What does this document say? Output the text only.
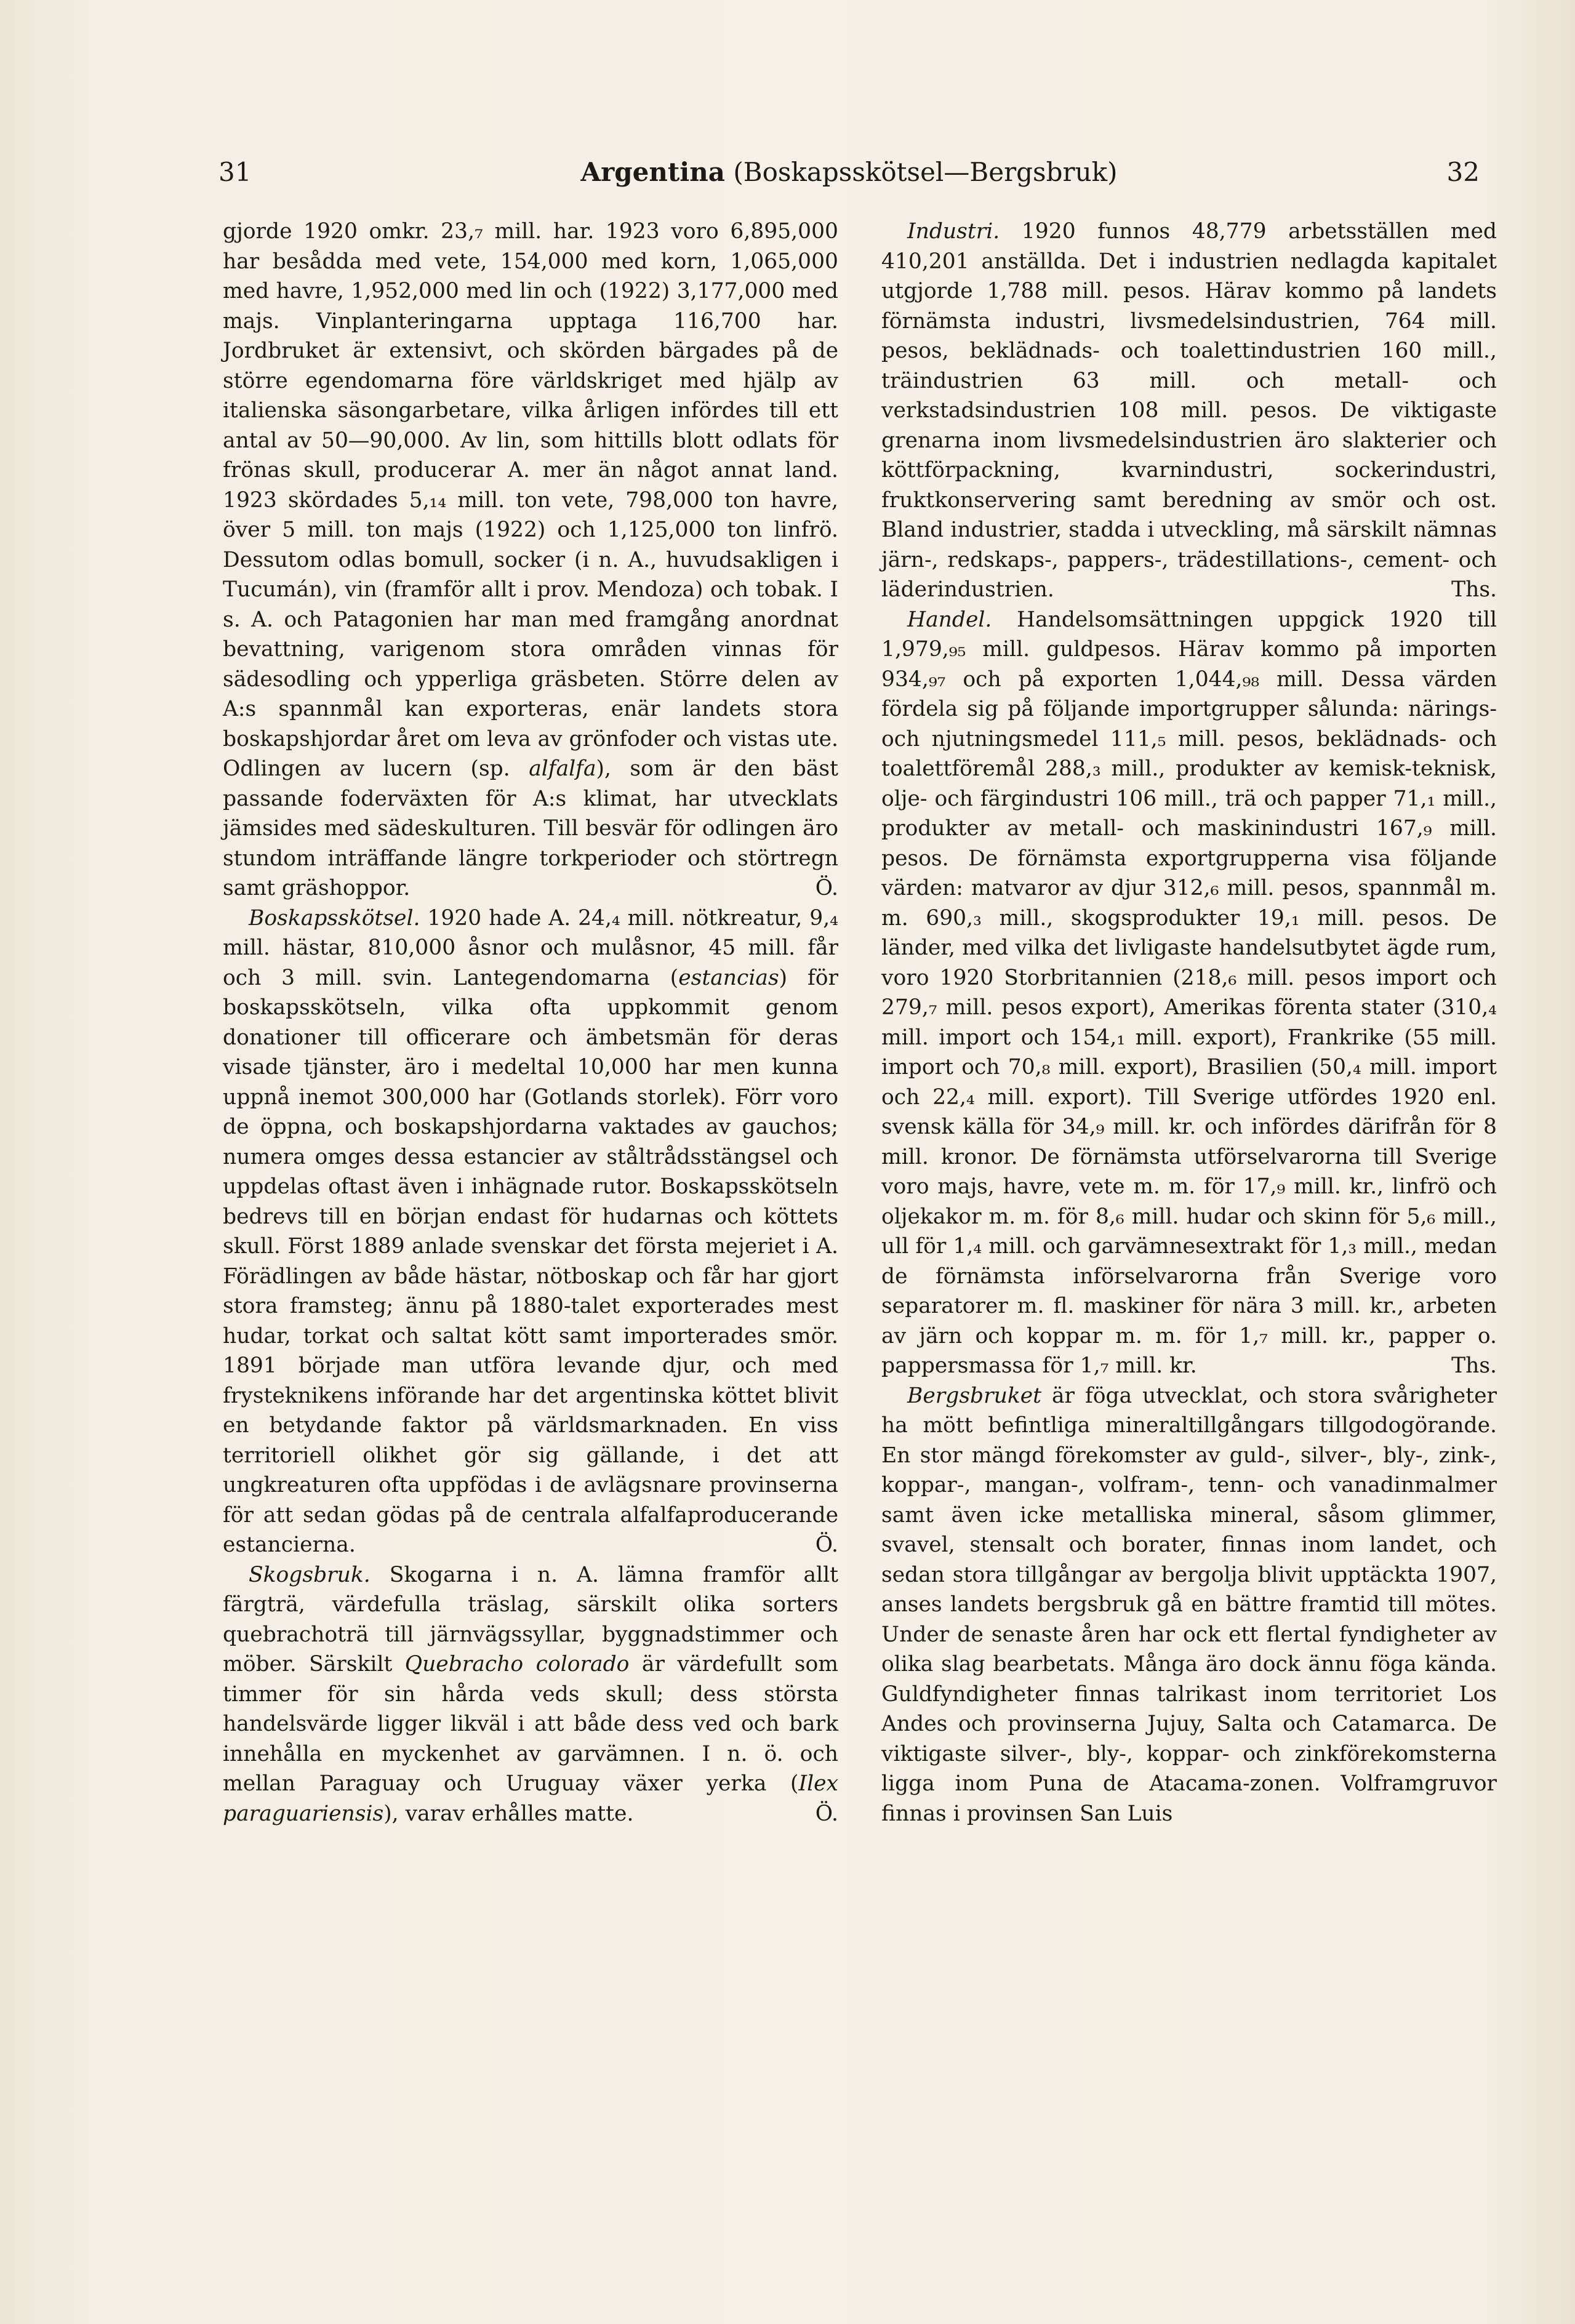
31	Argentina (Boskapsskötsel—Bergsbruk)	32

gjorde 1920 omkr. 23,₇ mill. har. 1923 voro 6,895,000 har besådda med vete, 154,000 med korn, 1,065,000 med havre, 1,952,000 med lin och (1922) 3,177,000 med majs. Vinplanteringarna upptaga 116,700 har. Jordbruket är extensivt, och skörden bärgades på de större egendomarna före världskriget med hjälp av italienska säsongarbetare, vilka årligen infördes till ett antal av 50—90,000. Av lin, som hittills blott odlats för frönas skull, producerar A. mer än något annat land. 1923 skördades 5,₁₄ mill. ton vete, 798,000 ton havre, över 5 mill. ton majs (1922) och 1,125,000 ton linfrö. Dessutom odlas bomull, socker (i n. A., huvudsakligen i Tucumán), vin (framför allt i prov. Mendoza) och tobak. I s. A. och Patagonien har man med framgång anordnat bevattning, varigenom stora områden vinnas för sädesodling och ypperliga gräsbeten. Större delen av A:s spannmål kan exporteras, enär landets stora boskapshjordar året om leva av grönfoder och vistas ute. Odlingen av lucern (sp. alfalfa), som är den bäst passande foderväxten för A:s klimat, har utvecklats jämsides med sädeskulturen. Till besvär för odlingen äro stundom inträffande längre torkperioder och störtregn samt gräshoppor.	Ö.

Boskapsskötsel. 1920 hade A. 24,₄ mill. nötkreatur, 9,₄ mill. hästar, 810,000 åsnor och mulåsnor, 45 mill. får och 3 mill. svin. Lantegendomarna (estancias) för boskapsskötseln, vilka ofta uppkommit genom donationer till officerare och ämbetsmän för deras visade tjänster, äro i medeltal 10,000 har men kunna uppnå inemot 300,000 har (Gotlands storlek). Förr voro de öppna, och boskapshjordarna vaktades av gauchos; numera omges dessa estancier av ståltrådsstängsel och uppdelas oftast även i inhägnade rutor. Boskapsskötseln bedrevs till en början endast för hudarnas och köttets skull. Först 1889 anlade svenskar det första mejeriet i A. Förädlingen av både hästar, nötboskap och får har gjort stora framsteg; ännu på 1880-talet exporterades mest hudar, torkat och saltat kött samt importerades smör. 1891 började man utföra levande djur, och med frysteknikens införande har det argentinska köttet blivit en betydande faktor på världsmarknaden. En viss territoriell olikhet gör sig gällande, i det att ungkreaturen ofta uppfödas i de avlägsnare provinserna för att sedan gödas på de centrala alfalfaproducerande estancierna.	Ö.

Skogsbruk. Skogarna i n. A. lämna framför allt färgträ, värdefulla träslag, särskilt olika sorters quebrachoträ till järnvägssyllar, byggnadstimmer och möber. Särskilt Quebracho colorado är värdefullt som timmer för sin hårda veds skull; dess största handelsvärde ligger likväl i att både dess ved och bark innehålla en myckenhet av garvämnen. I n. ö. och mellan Paraguay och Uruguay växer yerka (Ilex paraguariensis), varav erhålles matte.	Ö.

Industri. 1920 funnos 48,779 arbetsställen med 410,201 anställda. Det i industrien nedlagda kapitalet utgjorde 1,788 mill. pesos. Härav kommo på landets förnämsta industri, livsmedelsindustrien, 764 mill. pesos, beklädnads- och toalettindustrien 160 mill., träindustrien 63 mill. och metall- och verkstadsindustrien 108 mill. pesos. De viktigaste grenarna inom livsmedelsindustrien äro slakterier och köttförpackning, kvarnindustri, sockerindustri, fruktkonservering samt beredning av smör och ost. Bland industrier, stadda i utveckling, må särskilt nämnas järn-, redskaps-, pappers-, trädestillations-, cement- och läderindustrien.	Ths.

Handel. Handelsomsättningen uppgick 1920 till 1,979,₉₅ mill. guldpesos. Härav kommo på importen 934,₉₇ och på exporten 1,044,₉₈ mill. Dessa värden fördela sig på följande importgrupper sålunda: närings- och njutningsmedel 111,₅ mill. pesos, beklädnads- och toalettföremål 288,₃ mill., produkter av kemisk-teknisk, olje- och färgindustri 106 mill., trä och papper 71,₁ mill., produkter av metall- och maskinindustri 167,₉ mill. pesos. De förnämsta exportgrupperna visa följande värden: matvaror av djur 312,₆ mill. pesos, spannmål m. m. 690,₃ mill., skogsprodukter 19,₁ mill. pesos. De länder, med vilka det livligaste handelsutbytet ägde rum, voro 1920 Storbritannien (218,₆ mill. pesos import och 279,₇ mill. pesos export), Amerikas förenta stater (310,₄ mill. import och 154,₁ mill. export), Frankrike (55 mill. import och 70,₈ mill. export), Brasilien (50,₄ mill. import och 22,₄ mill. export). Till Sverige utfördes 1920 enl. svensk källa för 34,₉ mill. kr. och infördes därifrån för 8 mill. kronor. De förnämsta utförselvarorna till Sverige voro majs, havre, vete m. m. för 17,₉ mill. kr., linfrö och oljekakor m. m. för 8,₆ mill. hudar och skinn för 5,₆ mill., ull för 1,₄ mill. och garvämnesextrakt för 1,₃ mill., medan de förnämsta införselvarorna från Sverige voro separatorer m. fl. maskiner för nära 3 mill. kr., arbeten av järn och koppar m. m. för 1,₇ mill. kr., papper o. pappersmassa för 1,₇ mill. kr.	Ths.

Bergsbruket är föga utvecklat, och stora svårigheter ha mött befintliga mineraltillgångars tillgodogörande. En stor mängd förekomster av guld-, silver-, bly-, zink-, koppar-, mangan-, volfram-, tenn- och vanadinmalmer samt även icke metalliska mineral, såsom glimmer, svavel, stensalt och borater, finnas inom landet, och sedan stora tillgångar av bergolja blivit upptäckta 1907, anses landets bergsbruk gå en bättre framtid till mötes. Under de senaste åren har ock ett flertal fyndigheter av olika slag bearbetats. Många äro dock ännu föga kända. Guldfyndigheter finnas talrikast inom territoriet Los Andes och provinserna Jujuy, Salta och Catamarca. De viktigaste silver-, bly-, koppar- och zinkförekomsterna ligga inom Puna de Atacama-zonen. Volframgruvor finnas i provinsen San Luis
